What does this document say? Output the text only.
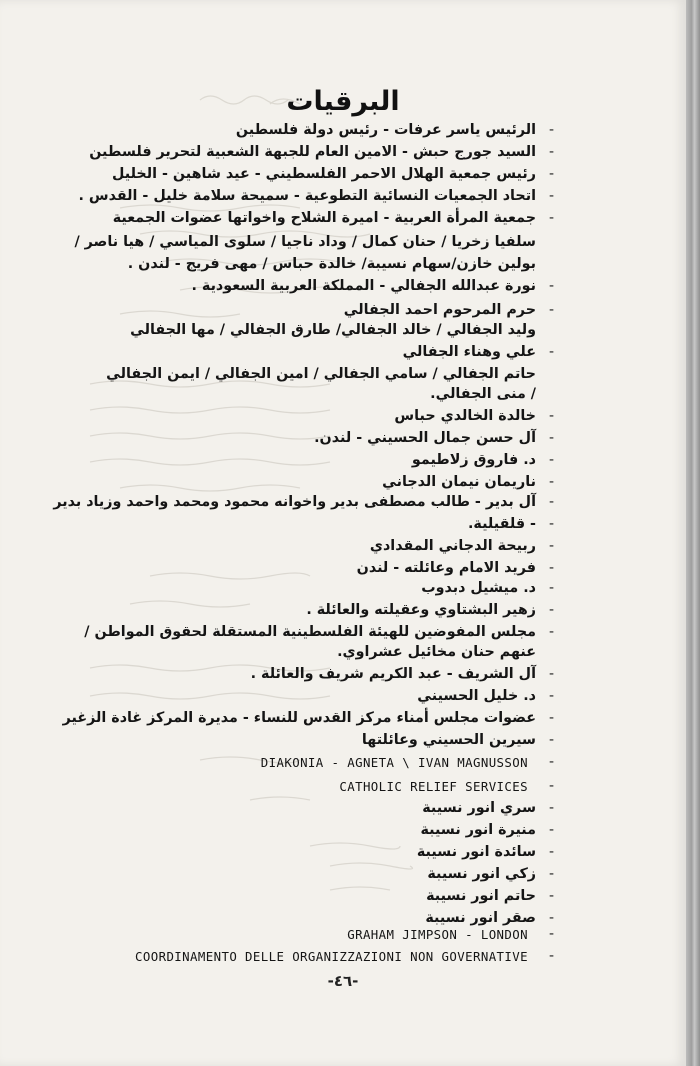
البرقيات
الرئيس ياسر عرفات - رئيس دولة فلسطين -
السيد جورج حبش - الامين العام للجبهة الشعبية لتحرير فلسطين -
رئيس جمعية الهلال الاحمر الفلسطيني - عيد شاهين - الخليل -
اتحاد الجمعيات النسائية التطوعية - سميحة سلامة خليل - القدس . -
جمعية المرأة العربية - اميرة الشلاح واخواتها عضوات الجمعية -
سلفيا زخريا / حنان كمال / وداد ناجيا / سلوى المياسي / هيا ناصر /
بولين خازن/سهام نسيبة/ خالدة حباس / مهى فريج - لندن .
نورة عبدالله الجفالي - المملكة العربية السعودية . -
حرم المرحوم احمد الجفالي -
وليد الجفالي / خالد الجفالي/ طارق الجفالي / مها الجفالي
علي وهناء الجفالي -
حاتم الجفالي / سامي الجفالي / امين الجفالي / ايمن الجفالي
/ منى الجفالي.
خالدة الخالدي حباس -
آل حسن جمال الحسيني - لندن. -
د. فاروق زلاطيمو -
ناريمان نيمان الدجاني -
آل بدير - طالب مصطفى بدير واخوانه محمود ومحمد واحمد وزياد بدير -
- قلقيلية. -
ربيحة الدجاني المقدادي -
فريد الامام وعائلته - لندن -
د. ميشيل دبدوب -
زهير البشتاوي وعقيلته والعائلة . -
مجلس المفوضين للهيئة الفلسطينية المستقلة لحقوق المواطن / -
عنهم حنان مخائيل عشراوي.
آل الشريف - عبد الكريم شريف والعائلة . -
د. خليل الحسيني -
عضوات مجلس أمناء مركز القدس للنساء - مديرة المركز غادة الزغير -
سيرين الحسيني وعائلتها -
DIAKONIA - AGNETA \ IVAN MAGNUSSON -
CATHOLIC RELIEF SERVICES -
سري انور نسيبة -
منيرة انور نسيبة -
سائدة انور نسيبة -
زكي انور نسيبة -
حاتم انور نسيبة -
صقر انور نسيبة -
GRAHAM JIMPSON - LONDON -
COORDINAMENTO DELLE ORGANIZZAZIONI NON GOVERNATIVE -
-٤٦-
